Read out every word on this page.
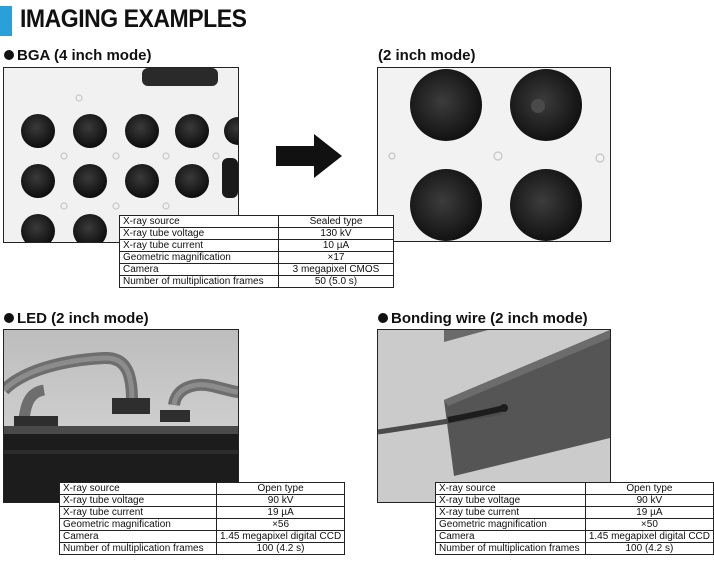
IMAGING EXAMPLES
BGA (4 inch mode)	(2 inch mode)
X-ray source	Sealed type
X-ray tube voltage	130 kV
X-ray tube current	10 µA
Geometric magnification	×17
Camera	3 megapixel CMOS
Number of multiplication frames	50 (5.0 s)
LED (2 inch mode)
X-ray source	Open type
X-ray tube voltage	90 kV
X-ray tube current	19 µA
Geometric magnification	×56
Camera	1.45 megapixel digital CCD
Number of multiplication frames	100 (4.2 s)
Bonding wire (2 inch mode)
X-ray source	Open type
X-ray tube voltage	90 kV
X-ray tube current	19 µA
Geometric magnification	×50
Camera	1.45 megapixel digital CCD
Number of multiplication frames	100 (4.2 s)
